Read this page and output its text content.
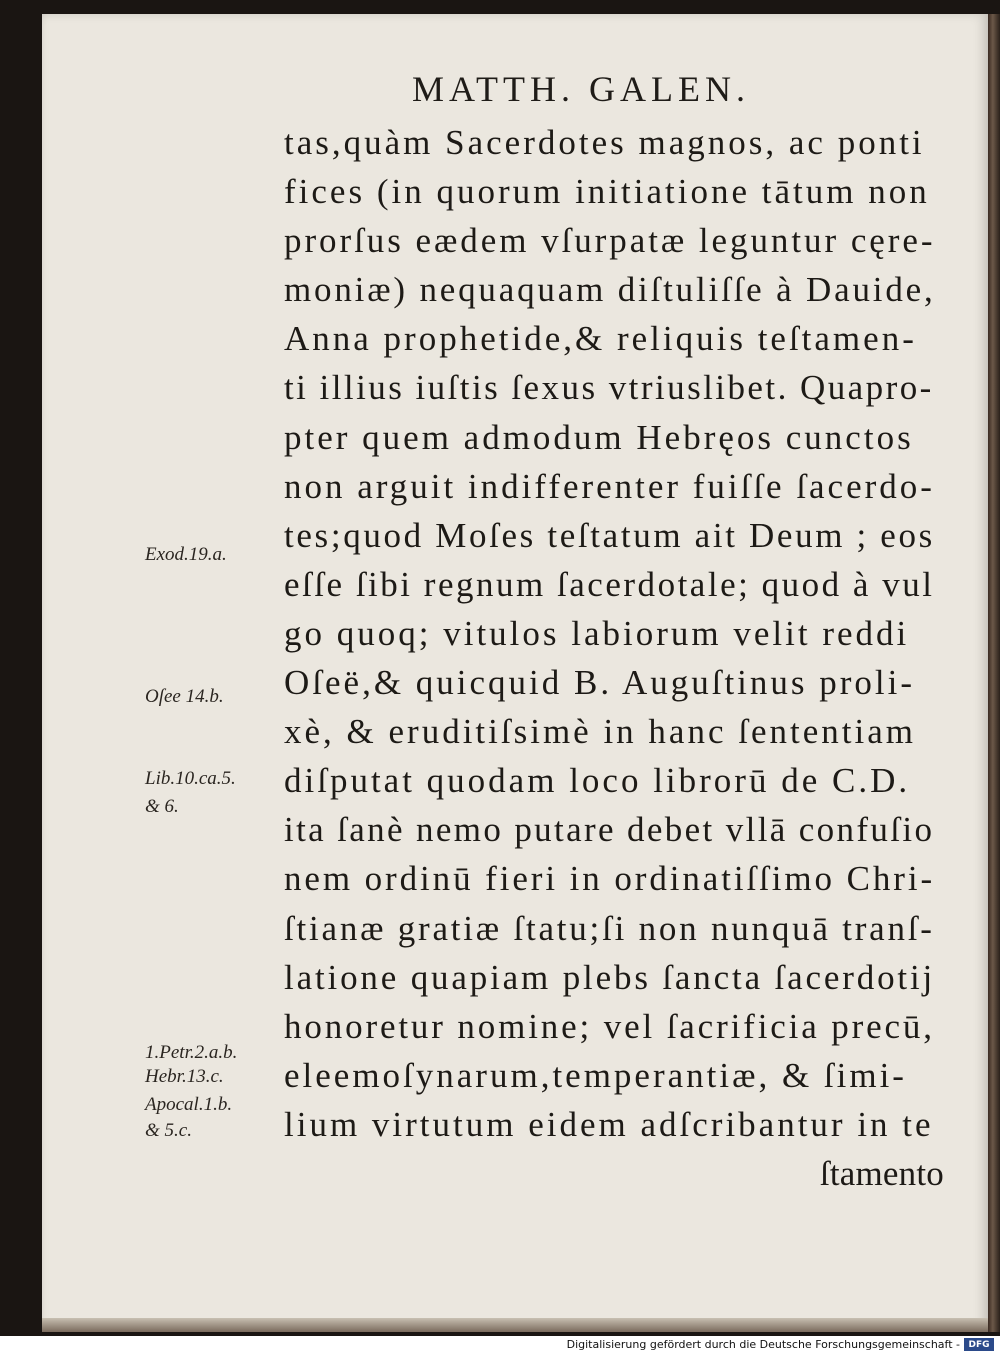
MATTH. GALEN.
tas,quàm Sacerdotes magnos, ac ponti
fices (in quorum initiatione tātum non
prorſus eædem vſurpatæ leguntur cęre-
moniæ) nequaquam diſtuliſſe à Dauide,
Anna prophetide,& reliquis teſtamen-
ti illius iuſtis ſexus vtriuslibet. Quapro-
pter quem admodum Hebręos cunctos
non arguit indifferenter fuiſſe ſacerdo-
tes;quod Moſes teſtatum ait Deum ; eos
eſſe ſibi regnum ſacerdotale; quod à vul
go quoq; vitulos labiorum velit reddi
Oſeë,& quicquid B. Auguſtinus proli-
xè, & eruditiſsimè in hanc ſententiam
diſputat quodam loco librorū de C.D.
ita ſanè nemo putare debet vllā confuſio
nem ordinū fieri in ordinatiſſimo Chri-
ſtianæ gratiæ ſtatu;ſi non nunquā tranſ-
latione quapiam plebs ſancta ſacerdotij
honoretur nomine; vel ſacrificia precū,
eleemoſynarum,temperantiæ, & ſimi-
lium virtutum eidem adſcribantur in te
ſtamento
Exod.19.a.
Oſee 14.b.
Lib.10.ca.5.
& 6.
1.Petr.2.a.b.
Hebr.13.c.
Apocal.1.b.
& 5.c.
Digitalisierung gefördert durch die Deutsche Forschungsgemeinschaft - DFG
